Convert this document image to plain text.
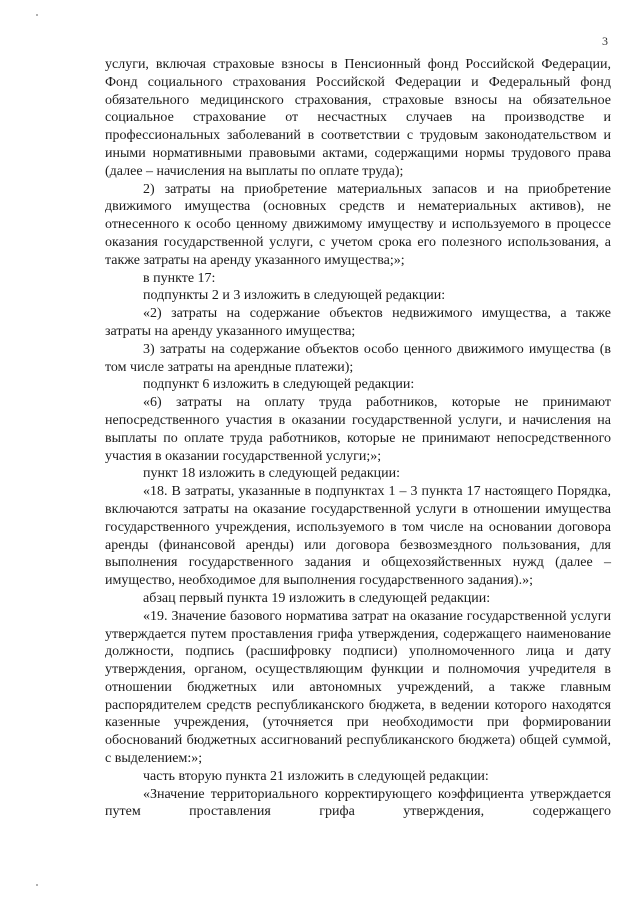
3

услуги, включая страховые взносы в Пенсионный фонд Российской Федерации, Фонд социального страхования Российской Федерации и Федеральный фонд обязательного медицинского страхования, страховые взносы на обязательное социальное страхование от несчастных случаев на производстве и профессиональных заболеваний в соответствии с трудовым законодательством и иными нормативными правовыми актами, содержащими нормы трудового права (далее – начисления на выплаты по оплате труда);

2) затраты на приобретение материальных запасов и на приобретение движимого имущества (основных средств и нематериальных активов), не отнесенного к особо ценному движимому имуществу и используемого в процессе оказания государственной услуги, с учетом срока его полезного использования, а также затраты на аренду указанного имущества;»;

в пункте 17:

подпункты 2 и 3 изложить в следующей редакции:

«2) затраты на содержание объектов недвижимого имущества, а также затраты на аренду указанного имущества;

3) затраты на содержание объектов особо ценного движимого имущества (в том числе затраты на арендные платежи);

подпункт 6 изложить в следующей редакции:

«6) затраты на оплату труда работников, которые не принимают непосредственного участия в оказании государственной услуги, и начисления на выплаты по оплате труда работников, которые не принимают непосредственного участия в оказании государственной услуги;»;

пункт 18 изложить в следующей редакции:

«18. В затраты, указанные в подпунктах 1 – 3 пункта 17 настоящего Порядка, включаются затраты на оказание государственной услуги в отношении имущества государственного учреждения, используемого в том числе на основании договора аренды (финансовой аренды) или договора безвозмездного пользования, для выполнения государственного задания и общехозяйственных нужд (далее – имущество, необходимое для выполнения государственного задания).»;

абзац первый пункта 19 изложить в следующей редакции:

«19. Значение базового норматива затрат на оказание государственной услуги утверждается путем проставления грифа утверждения, содержащего наименование должности, подпись (расшифровку подписи) уполномоченного лица и дату утверждения, органом, осуществляющим функции и полномочия учредителя в отношении бюджетных или автономных учреждений, а также главным распорядителем средств республиканского бюджета, в ведении которого находятся казенные учреждения, (уточняется при необходимости при формировании обоснований бюджетных ассигнований республиканского бюджета) общей суммой, с выделением:»;

часть вторую пункта 21 изложить в следующей редакции:

«Значение территориального корректирующего коэффициента утверждается путем проставления грифа утверждения, содержащего
